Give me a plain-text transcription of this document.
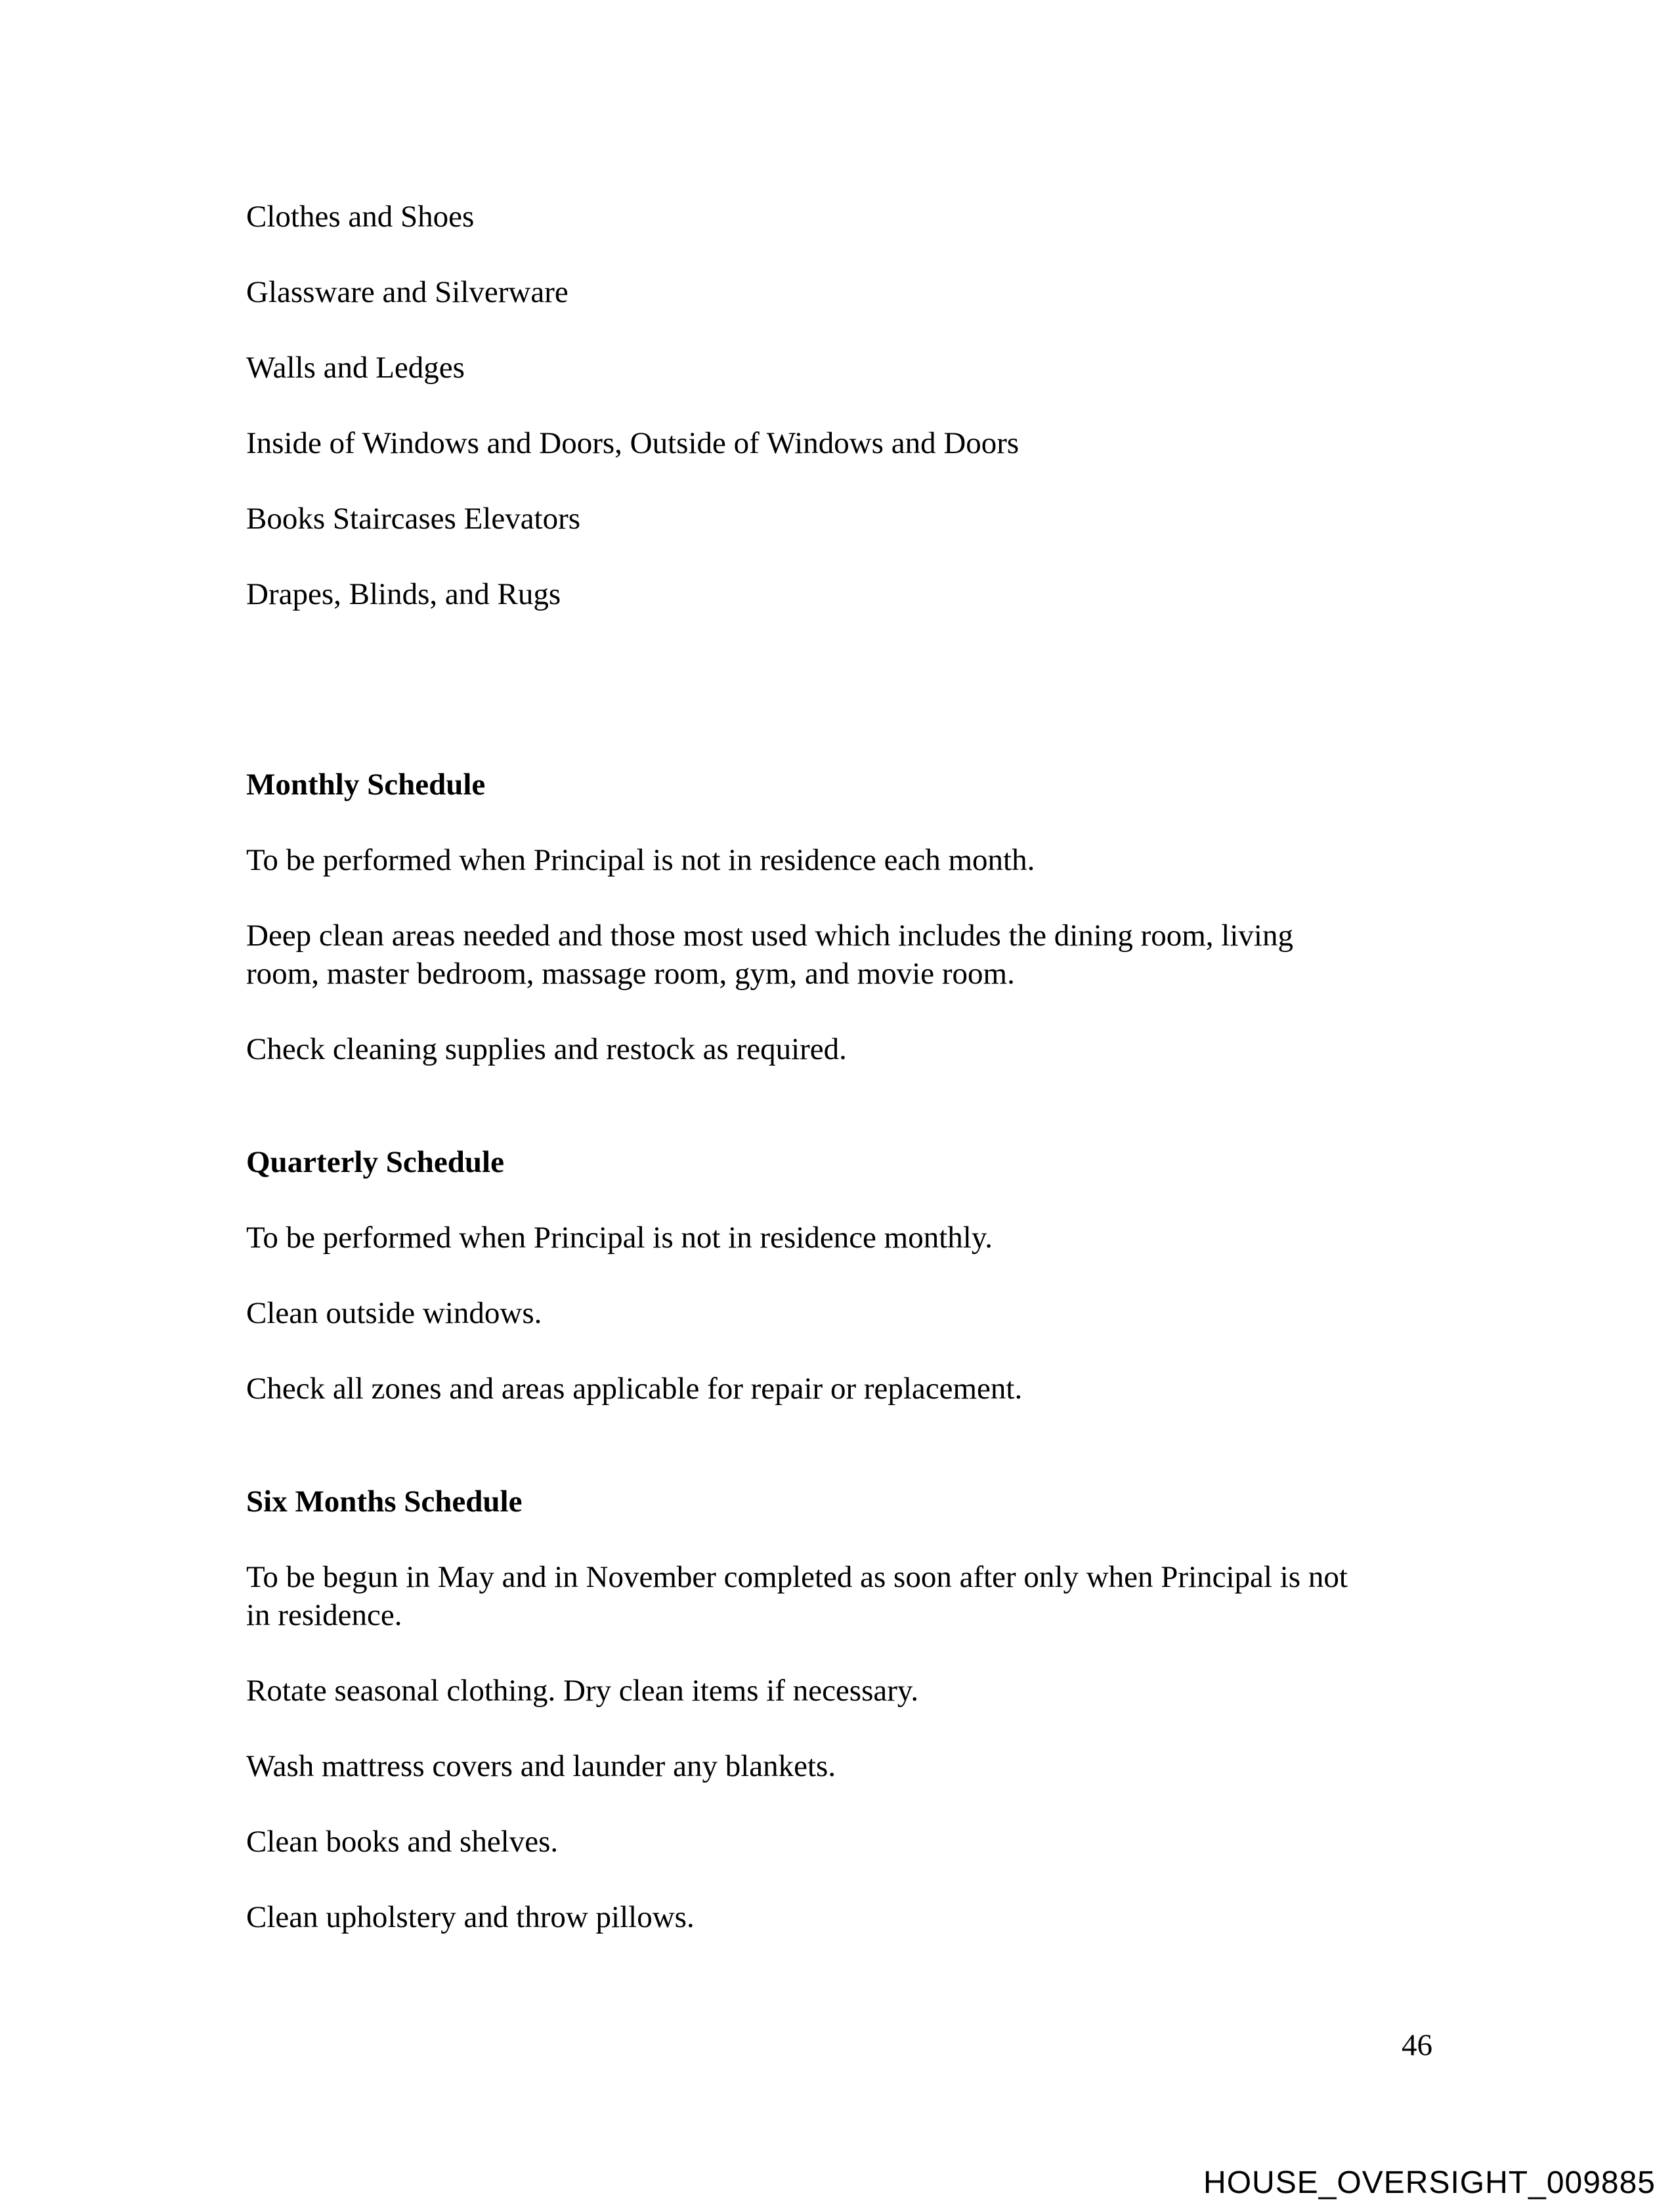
Clothes and Shoes

Glassware and Silverware

Walls and Ledges

Inside of Windows and Doors, Outside of Windows and Doors

Books Staircases Elevators

Drapes, Blinds, and Rugs

Monthly Schedule

To be performed when Principal is not in residence each month.

Deep clean areas needed and those most used which includes the dining room, living
room, master bedroom, massage room, gym, and movie room.

Check cleaning supplies and restock as required.

Quarterly Schedule

To be performed when Principal is not in residence monthly.

Clean outside windows.

Check all zones and areas applicable for repair or replacement.

Six Months Schedule

To be begun in May and in November completed as soon after only when Principal is not
in residence.

Rotate seasonal clothing. Dry clean items if necessary.

Wash mattress covers and launder any blankets.

Clean books and shelves.

Clean upholstery and throw pillows.

46
HOUSE_OVERSIGHT_009885
